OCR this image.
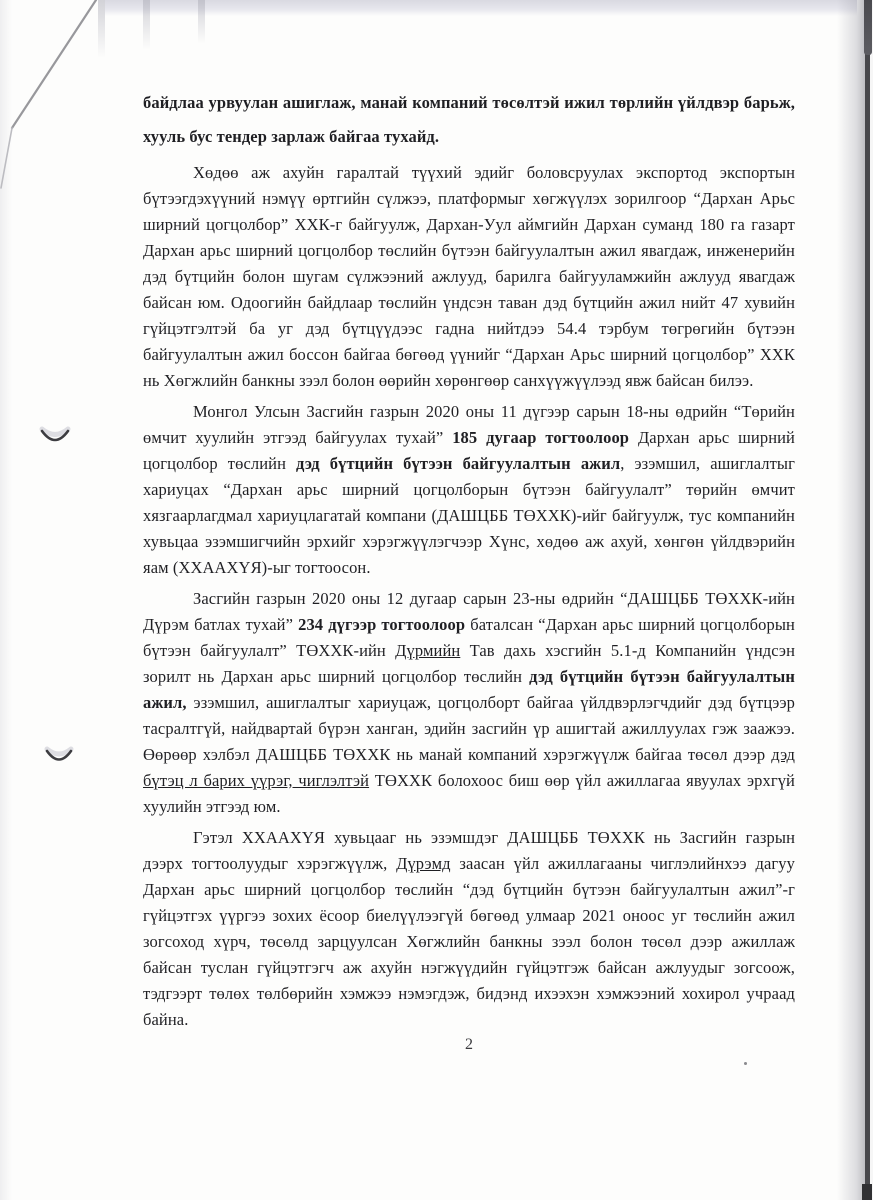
байдлаа урвуулан ашиглаж, манай компаний төсөлтэй ижил төрлийн үйлдвэр барьж, хууль бус тендер зарлаж байгаа тухайд.

Хөдөө аж ахуйн гаралтай түүхий эдийг боловсруулах экспортод экспортын бүтээгдэхүүний нэмүү өртгийн сүлжээ, платформыг хөгжүүлэх зорилгоор “Дархан Арьс ширний цогцолбор” ХХК-г байгуулж, Дархан-Уул аймгийн Дархан суманд 180 га газарт Дархан арьс ширний цогцолбор төслийн бүтээн байгуулалтын ажил явагдаж, инженерийн дэд бүтцийн болон шугам сүлжээний ажлууд, барилга байгууламжийн ажлууд явагдаж байсан юм. Одоогийн байдлаар төслийн үндсэн таван дэд бүтцийн ажил нийт 47 хувийн гүйцэтгэлтэй ба уг дэд бүтцүүдээс гадна нийтдээ 54.4 тэрбум төгрөгийн бүтээн байгуулалтын ажил боссон байгаа бөгөөд үүнийг “Дархан Арьс ширний цогцолбор” ХХК нь Хөгжлийн банкны зээл болон өөрийн хөрөнгөөр санхүүжүүлээд явж байсан билээ.

Монгол Улсын Засгийн газрын 2020 оны 11 дүгээр сарын 18-ны өдрийн “Төрийн өмчит хуулийн этгээд байгуулах тухай” 185 дугаар тогтоолоор Дархан арьс ширний цогцолбор төслийн дэд бүтцийн бүтээн байгуулалтын ажил, эзэмшил, ашиглалтыг хариуцах “Дархан арьс ширний цогцолборын бүтээн байгуулалт” төрийн өмчит хязгаарлагдмал хариуцлагатай компани (ДАШЦББ ТӨХХК)-ийг байгуулж, тус компанийн хувьцаа эзэмшигчийн эрхийг хэрэгжүүлэгчээр Хүнс, хөдөө аж ахуй, хөнгөн үйлдвэрийн яам (ХХААХҮЯ)-ыг тогтоосон.

Засгийн газрын 2020 оны 12 дугаар сарын 23-ны өдрийн “ДАШЦББ ТӨХХК-ийн Дүрэм батлах тухай” 234 дүгээр тогтоолоор баталсан “Дархан арьс ширний цогцолборын бүтээн байгуулалт” ТӨХХК-ийн Дүрмийн Тав дахь хэсгийн 5.1-д Компанийн үндсэн зорилт нь Дархан арьс ширний цогцолбор төслийн дэд бүтцийн бүтээн байгуулалтын ажил, эзэмшил, ашиглалтыг хариуцаж, цогцолборт байгаа үйлдвэрлэгчдийг дэд бүтцээр тасралтгүй, найдвартай бүрэн ханган, эдийн засгийн үр ашигтай ажиллуулах гэж заажээ. Өөрөөр хэлбэл ДАШЦББ ТӨХХК нь манай компаний хэрэгжүүлж байгаа төсөл дээр дэд бүтэц л барих үүрэг, чиглэлтэй ТӨХХК болохоос биш өөр үйл ажиллагаа явуулах эрхгүй хуулийн этгээд юм.

Гэтэл ХХААХҮЯ хувьцааг нь эзэмшдэг ДАШЦББ ТӨХХК нь Засгийн газрын дээрх тогтоолуудыг хэрэгжүүлж, Дүрэмд заасан үйл ажиллагааны чиглэлийнхээ дагуу Дархан арьс ширний цогцолбор төслийн “дэд бүтцийн бүтээн байгуулалтын ажил”-г гүйцэтгэх үүргээ зохих ёсоор биелүүлээгүй бөгөөд улмаар 2021 оноос уг төслийн ажил зогсоход хүрч, төсөлд зарцуулсан Хөгжлийн банкны зээл болон төсөл дээр ажиллаж байсан туслан гүйцэтгэгч аж ахуйн нэгжүүдийн гүйцэтгэж байсан ажлуудыг зогсоож, тэдгээрт төлөх төлбөрийн хэмжээ нэмэгдэж, бидэнд ихээхэн хэмжээний хохирол учраад байна.

2
